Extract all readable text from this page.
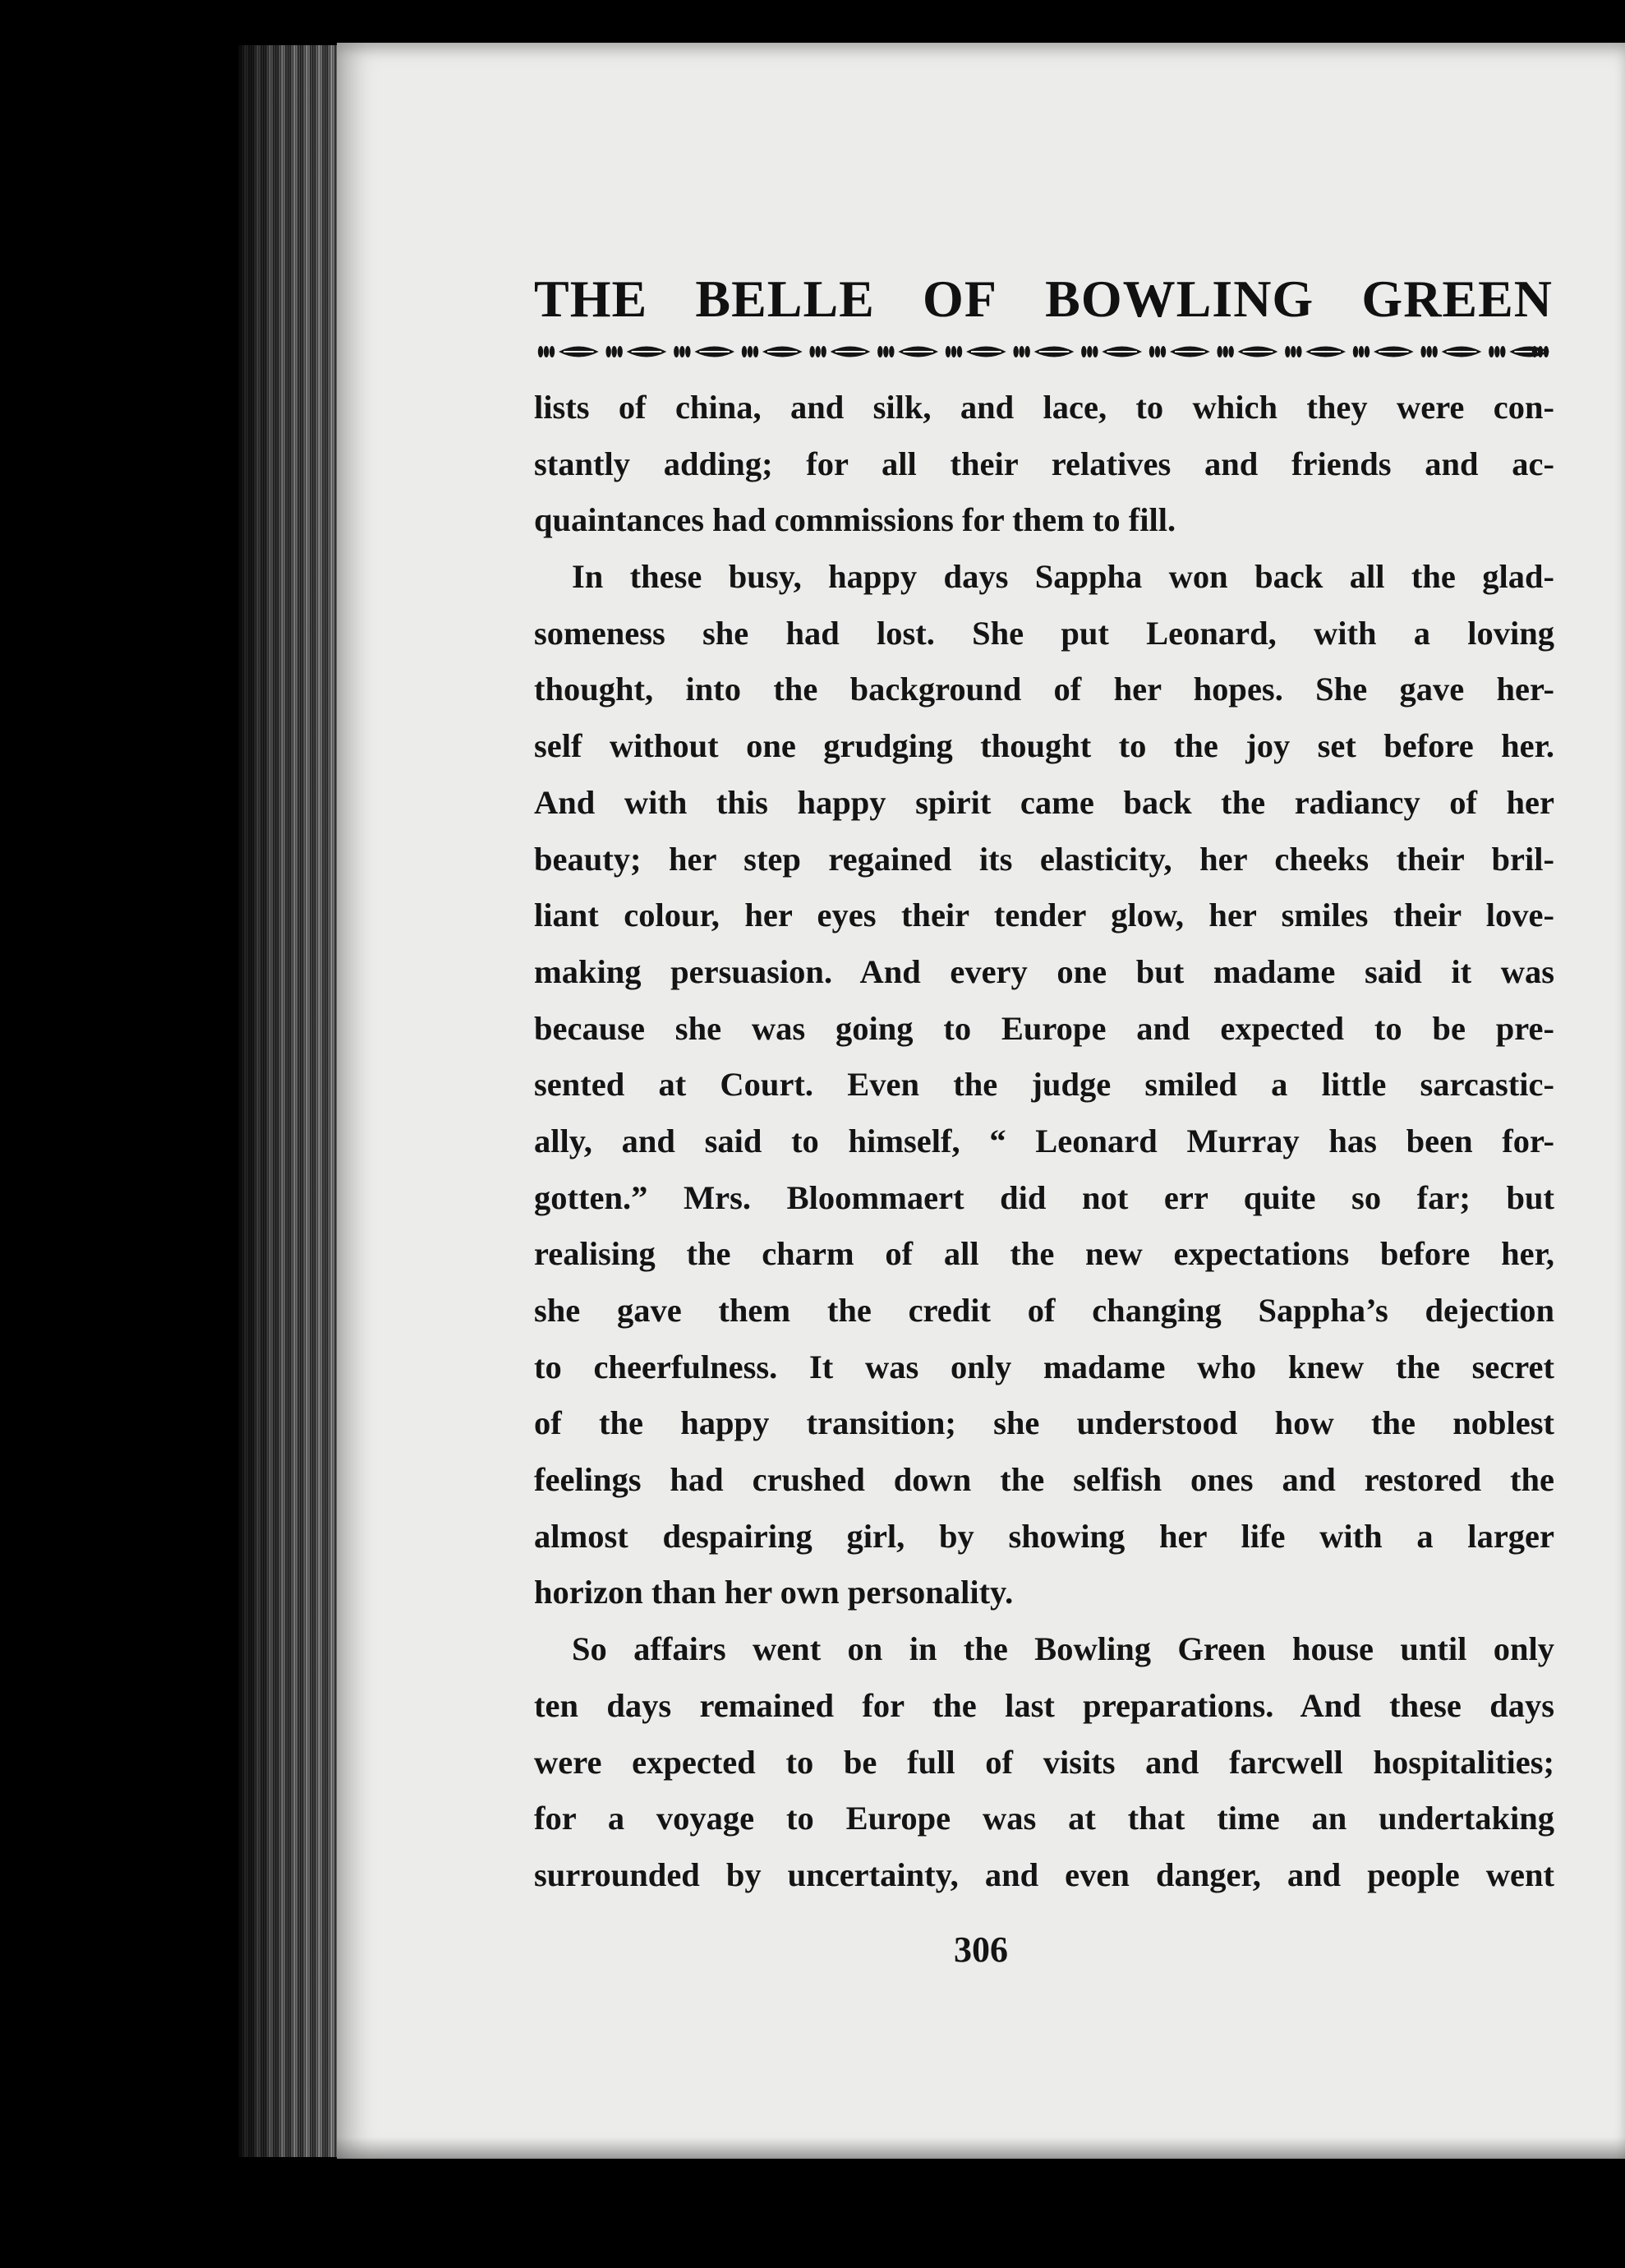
THE BELLE OF BOWLING GREEN
lists of china, and silk, and lace, to which they were con-
stantly adding; for all their relatives and friends and ac-
quaintances had commissions for them to fill.
In these busy, happy days Sappha won back all the glad-
someness she had lost. She put Leonard, with a loving
thought, into the background of her hopes. She gave her-
self without one grudging thought to the joy set before her.
And with this happy spirit came back the radiancy of her
beauty; her step regained its elasticity, her cheeks their bril-
liant colour, her eyes their tender glow, her smiles their love-
making persuasion. And every one but madame said it was
because she was going to Europe and expected to be pre-
sented at Court. Even the judge smiled a little sarcastic-
ally, and said to himself, “ Leonard Murray has been for-
gotten.” Mrs. Bloommaert did not err quite so far; but
realising the charm of all the new expectations before her,
she gave them the credit of changing Sappha’s dejection
to cheerfulness. It was only madame who knew the secret
of the happy transition; she understood how the noblest
feelings had crushed down the selfish ones and restored the
almost despairing girl, by showing her life with a larger
horizon than her own personality.
So affairs went on in the Bowling Green house until only
ten days remained for the last preparations. And these days
were expected to be full of visits and farcwell hospitalities;
for a voyage to Europe was at that time an undertaking
surrounded by uncertainty, and even danger, and people went
306
